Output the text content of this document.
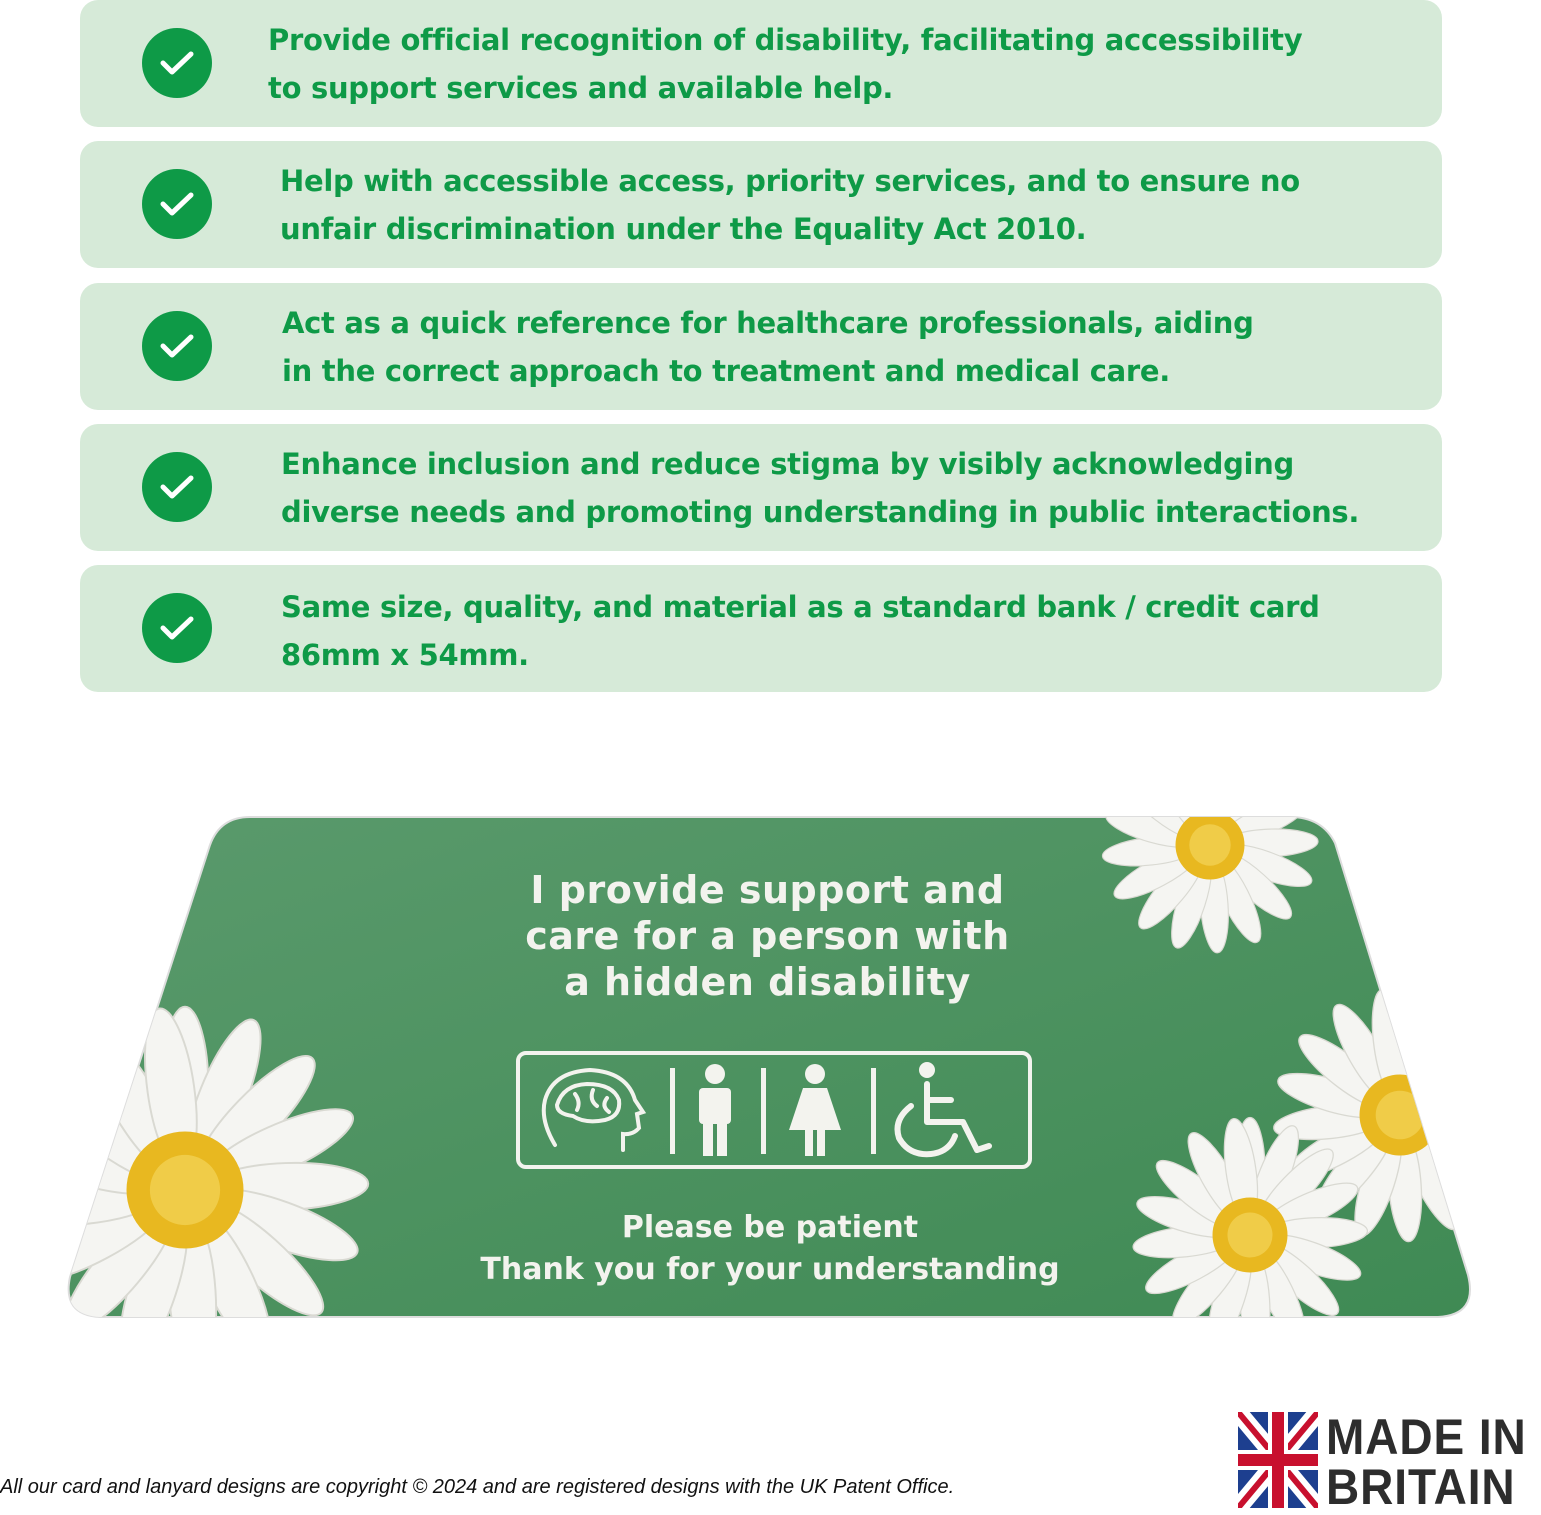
Provide official recognition of disability, facilitating accessibility
to support services and available help.
Help with accessible access, priority services, and to ensure no
unfair discrimination under the Equality Act 2010.
Act as a quick reference for healthcare professionals, aiding
in the correct approach to treatment and medical care.
Enhance inclusion and reduce stigma by visibly acknowledging
diverse needs and promoting understanding in public interactions.
Same size, quality, and material as a standard bank / credit card
86mm x 54mm.
I provide support and
care for a person with
a hidden disability
Please be patient
Thank you for your understanding
All our card and lanyard designs are copyright © 2024 and are registered designs with the UK Patent Office.
MADE IN
BRITAIN
